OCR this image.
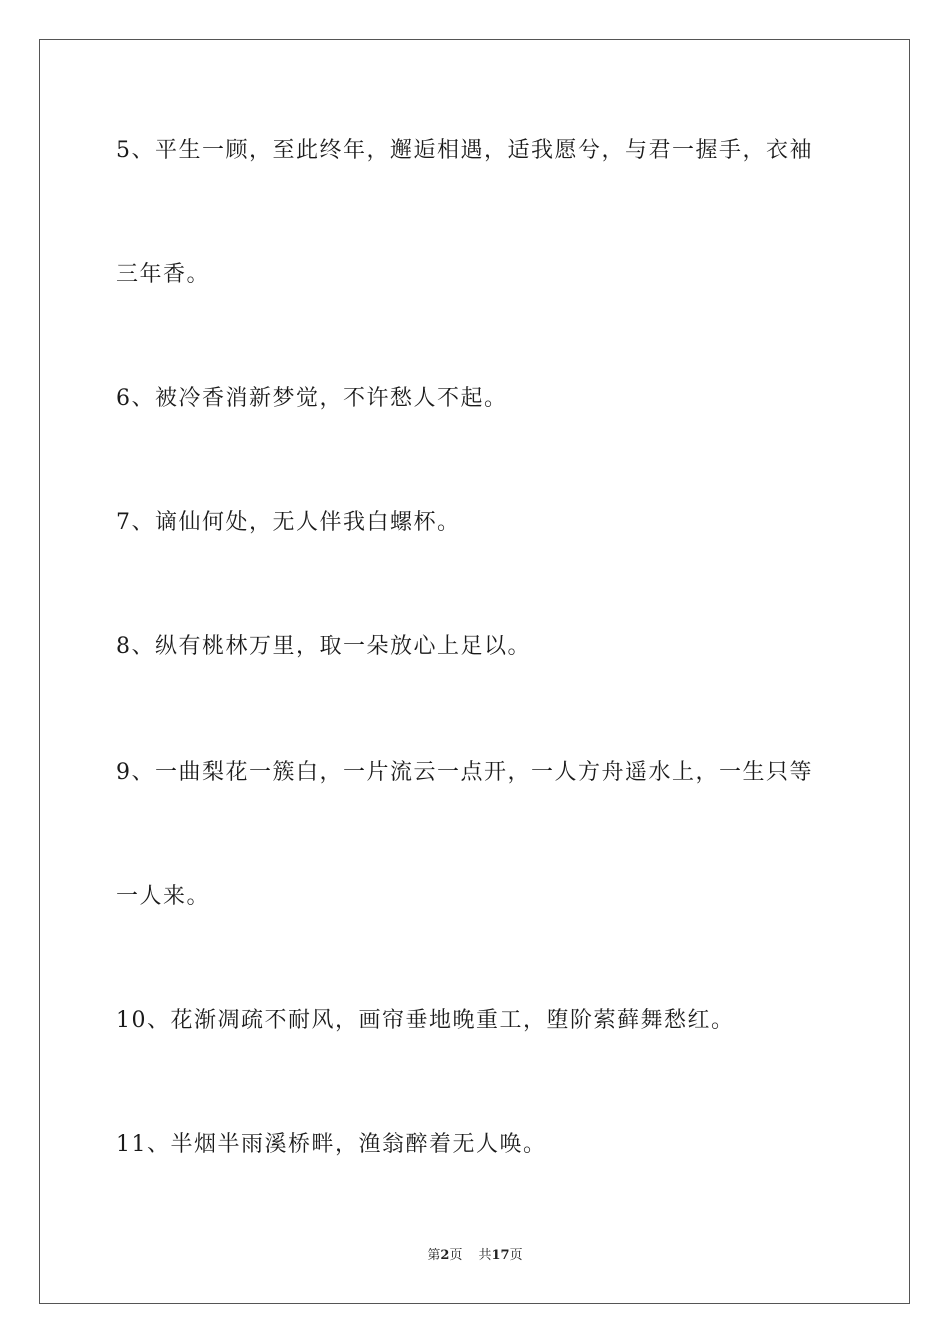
5、平生一顾，至此终年，邂逅相遇，适我愿兮，与君一握手，衣袖
三年香。
6、被冷香消新梦觉，不许愁人不起。
7、谪仙何处，无人伴我白螺杯。
8、纵有桃林万里，取一朵放心上足以。
9、一曲梨花一簇白，一片流云一点开，一人方舟遥水上，一生只等
一人来。
10、花渐凋疏不耐风，画帘垂地晚重工，堕阶萦藓舞愁红。
11、半烟半雨溪桥畔，渔翁醉着无人唤。
第2页 共17页
